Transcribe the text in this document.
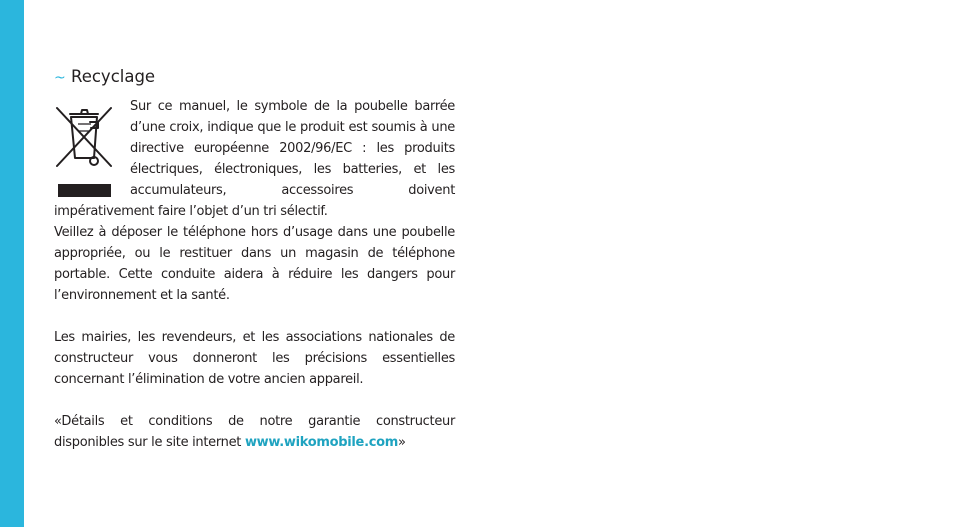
~ Recyclage

Sur ce manuel, le symbole de la poubelle barrée d’une croix, indique que le produit est soumis à une directive européenne 2002/96/EC : les produits électriques, électroniques, les batteries, et les accumulateurs, accessoires doivent impérativement faire l’objet d’un tri sélectif.

Veillez à déposer le téléphone hors d’usage dans une poubelle appropriée, ou le restituer dans un magasin de téléphone portable. Cette conduite aidera à réduire les dangers pour l’environnement et la santé.

Les mairies, les revendeurs, et les associations nationales de constructeur vous donneront les précisions essentielles concernant l’élimination de votre ancien appareil.

«Détails et conditions de notre garantie constructeur disponibles sur le site internet www.wikomobile.com»
